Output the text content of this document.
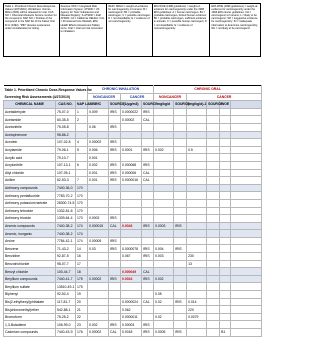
Table 1. Prioritized Chronic Dose-Response Values (4/27/2010). Worksheet: chronic-MRLs (IRIS) will be released for oral. CAS NO = Chemical Abstracts Service number for the compound. NAP NO = Position of the compound in the NAP list of the Kalow Oral R.Cr (1992). "RfD" denotes sustenance under consideration for listing.
Sources: IRIS = Integrated Risk Information System; ATSDR = US Agency for Toxic Substances and Disease Registry; S-ATSDR = draft ATSDR; CA = California OEHHA; CAL = Provisional CAL-OEHHA; EPA Health Effects Assessment Tables; Conv. Oral = Oral unit risk converted to inhalation.
WHO: MRLD = weight-of-evidence for carcinogenicity in humans: B = carcinogenic; B1 = probable carcinogen; C = possible carcinogen; D = not classifiable; E = evidence of non-carcinogenicity.
EPA WOE (1986 guidelines) = weight-of-evidence for carcinogenicity under the 1986 EPA guidelines: A = human carcinogen; B1 = probable carcinogen, limited human evidence; B2 = probable carcinogen, sufficient evidence in animals; C = possible human carcinogen; D = not classifiable; E = evidence of noncarcinogenicity.
EPA WOE (1996 guidelines) = weight-of-evidence for carcinogenicity under the 1996 EPA cancer guidelines: CH = carcinogenic to humans; L = likely to be carcinogenic; SD = suggestive evidence for carcinogenicity; IN = inadequate information to determine carcinogenicity; NH = not likely to be carcinogenic.
Table 1. Prioritized Chronic Dose-Response Values for			CHRONIC INHALATION				CHRONIC ORAL					
Screening Risk Assessments (4/27/2010)			NONCANCER		CANCER		NONCANCER		CANCER			
CHEMICAL NAME	CAS NO.	NAP LABEL	RfC	SOURCE	(1/µg/m3)	SOURCE	mg/kg/d	SOURCE	(mg/kg/d)-1	SOURCE	WOE	
Acetaldehyde	75-07-0	1	0.009	IRIS	0.0000022	IRIS						
Acetamide	60-35-5	2			0.00002	CAL						
Acetonitrile	75-05-8		0.06	IRIS								
Acetophenone	98-86-2											
Acrolein	107-02-8	4	0.00002	IRIS								
Acrylamide	79-06-1	5	0.006	IRIS	0.0001	IRIS	0.002		0.5			
Acrylic acid	79-10-7		0.001									
Acrylonitrile	107-13-1	6	0.002	IRIS	0.000068	IRIS						
Allyl chloride	107-05-1		0.001	IRIS	0.000006	CAL						
Aniline	62-53-3	7	0.001	IRIS	0.0000016	CAL						
Antimony compounds	7440-36-0	170										
Antimony pentafluoride	7783-70-2	170										
Antimony potassium tartrate	28300-74-5	170										
Antimony tetroxide	1332-81-6	170										
Antimony trioxide	1309-64-4	170	0.0002	IRIS								
Arsenic compounds	7440-38-2	174	0.000015	CAL	0.0043	IRIS	0.0003	IRIS				
Arsenic, inorganic	7440-38-2	174										
Arsine	7784-42-1	174	0.00005	IRIS								
Benzene	71-43-2	14	0.03	IRIS	0.0000078	IRIS	0.004	IRIS				
Benzidine	92-87-5	16			0.067	IRIS	0.003		230			
Benzotrichloride	98-07-7	17							13			
Benzyl chloride	100-44-7	18			0.000049	CAL						
Beryllium compounds	7440-41-7	175	0.00002	IRIS	0.0024	IRIS	0.002					
Beryllium sulfate	13510-49-1	175										
Biphenyl	92-52-4	19					0.05					
Bis(2-ethylhexyl)phthalate	117-81-7	20			0.0000024	CAL	0.02	IRIS	0.014			
Bis(chloromethyl)ether	542-88-1	21			0.062				220			
Bromoform	75-25-2	22			0.0000011		0.02		0.0079			
1,3-Butadiene	106-99-0	23	0.002	IRIS	0.00003	IRIS						
Cadmium compounds	7440-43-9	176	0.00002	CAL	0.0018	IRIS	0.0005	IRIS			B1	
